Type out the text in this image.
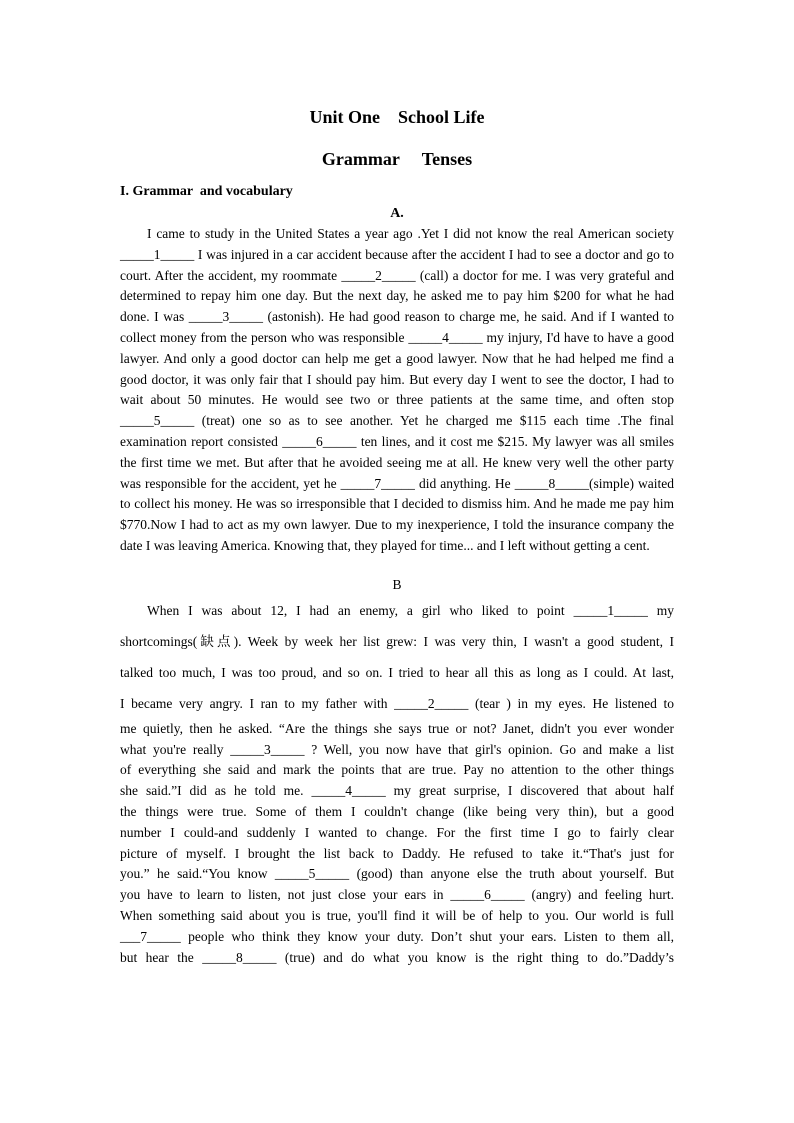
Unit One    School Life
Grammar     Tenses
I. Grammar  and vocabulary
A.

I came to study in the United States a year ago .Yet I did not know the real American society _____1_____ I was injured in a car accident because after the accident I had to see a doctor and go to court. After the accident, my roommate _____2_____ (call) a doctor for me. I was very grateful and determined to repay him one day. But the next day, he asked me to pay him $200 for what he had done. I was _____3_____ (astonish). He had good reason to charge me, he said. And if I wanted to collect money from the person who was responsible _____4_____ my injury, I'd have to have a good lawyer. And only a good doctor can help me get a good lawyer. Now that he had helped me find a good doctor, it was only fair that I should pay him. But every day I went to see the doctor, I had to wait about 50 minutes. He would see two or three patients at the same time, and often stop _____5_____ (treat) one so as to see another. Yet he charged me $115 each time .The final examination report consisted _____6_____ ten lines, and it cost me $215. My lawyer was all smiles the first time we met. But after that he avoided seeing me at all. He knew very well the other party was responsible for the accident, yet he _____7_____ did anything. He _____8_____(simple) waited to collect his money. He was so irresponsible that I decided to dismiss him. And he made me pay him $770.Now I had to act as my own lawyer. Due to my inexperience, I told the insurance company the date I was leaving America. Knowing that, they played for time... and I left without getting a cent.

B
When I was about 12, I had an enemy, a girl who liked to point _____1_____ my
shortcomings(缺点). Week by week her list grew: I was very thin, I wasn't a good student, I
talked too much, I was too proud, and so on. I tried to hear all this as long as I could. At last,
I became very angry. I ran to my father with _____2_____ (tear ) in my eyes. He listened to
me quietly, then he asked. “Are the things she says true or not? Janet, didn't you ever wonder
what you're really _____3_____ ? Well, you now have that girl's opinion. Go and make a list
of everything she said and mark the points that are true. Pay no attention to the other things
she said.”I did as he told me. _____4_____ my great surprise, I discovered that about half
the things were true. Some of them I couldn't change (like being very thin), but a good
number I could-and suddenly I wanted to change. For the first time I go to fairly clear
picture of myself. I brought the list back to Daddy. He refused to take it.“That's just for
you.” he said.“You know _____5_____ (good) than anyone else the truth about yourself. But
you have to learn to listen, not just close your ears in _____6_____ (angry) and feeling hurt.
When something said about you is true, you'll find it will be of help to you. Our world is full
___7_____ people who think they know your duty. Don’t shut your ears. Listen to them all,
but hear the _____8_____ (true) and do what you know is the right thing to do.”Daddy’s
